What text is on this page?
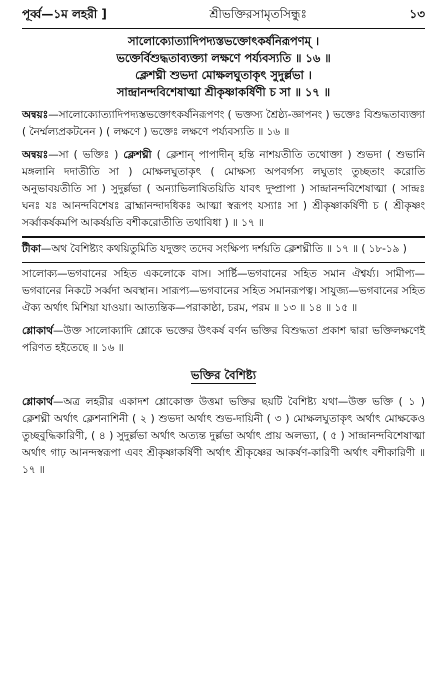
পূর্ব্ব—১ম লহরী ]	শ্রীভক্তিরসামৃতসিন্ধুঃ	১৩
সালোক্যোত্যাদিপদ্যস্তভক্তোৎকর্ষনিরূপণম্ ।
ভক্তের্বিশুদ্ধতাব্যক্ত্যা লক্ষণে পর্য্যবস্যতি ॥ ১৬ ॥
ক্লেশঘ্নী শুভদা মোক্ষলঘুতাকৃৎ সুদুর্ল্লভা ।
সান্দ্রানন্দবিশেষাত্মা শ্রীকৃষ্ণাকর্ষিণী চ সা ॥ ১৭ ॥

অন্বয়ঃ—সালোক্যোত্যাদিপদ্যস্তভক্তোৎকর্ষনিরূপণং ( ভক্তস্য শ্রৈষ্ঠ্য-জ্ঞাপনং ) ভক্তেঃ বিশুদ্ধতাব্যক্ত্যা ( নৈর্ম্মল্যপ্রকটনেন ) ( লক্ষণে ) ভক্তেঃ লক্ষণে পর্য্যবস্যতি ॥ ১৬ ॥

অন্বয়ঃ—সা ( ভক্তিঃ ) ক্লেশঘ্নী ( ক্লেশান্ পাপাদীন্ হন্তি নাশয়তীতি তথোক্তা ) শুভদা ( শুভানি মঙ্গলানি দদাতীতি সা ) মোক্ষলঘুতাকৃৎ ( মোক্ষস্য অপবর্গস্য লঘুতাং তুচ্ছতাং করোতি অনুভাবয়তীতি সা ) সুদুর্ল্লভা ( অন্যাভিলাষিতয়িতি যাবৎ দুষ্প্রাপা ) সান্দ্রানন্দবিশেষাত্মা ( সান্দ্রঃ ঘনঃ যঃ আনন্দবিশেষঃ ব্রাহ্মানন্দাদধিকঃ আত্মা স্বরূপং যস্যাঃ সা ) শ্রীকৃষ্ণাকর্ষিণী চ ( শ্রীকৃষ্ণং সর্ব্বাকর্ষকমপি আকর্ষয়তি বশীকরোতীতি তথাবিধা ) ॥ ১৭ ॥

টীকা—অথ বৈশিষ্ট্যং কথয়িতুমিতি যদুক্তং তদেব সংক্ষিপ্য দর্শয়তি ক্লেশঘ্নীতি ॥ ১৭ ॥ ( ১৮-১৯ )

সালোক্য—ভগবানের সহিত একলোকে বাস। সার্ষ্টি—ভগবানের সহিত সমান ঐশ্বর্য্য। সামীপ্য—ভগবানের নিকটে সর্ব্বদা অবস্থান। সারূপ্য—ভগবানের সহিত সমানরূপত্ব। সাযুজ্য—ভগবানের সহিত ঐক্য অর্থাৎ মিশিয়া যাওয়া। আত্যন্তিক—পরাকাষ্ঠা, চরম, পরম ॥ ১৩ ॥ ১৪ ॥ ১৫ ॥

শ্লোকার্থ—উক্ত সালোক্যাদি শ্লোকে ভক্তের উৎকর্ষ বর্ণন ভক্তির বিশুদ্ধতা প্রকাশ দ্বারা ভক্তিলক্ষণেই পরিণত হইতেছে ॥ ১৬ ॥

ভক্তির বৈশিষ্ট্য

শ্লোকার্থ—অত্র লহরীর একাদশ শ্লোকোক্ত উত্তমা ভক্তির ছয়টি বৈশিষ্ট্য যথা—উক্ত ভক্তি ( ১ ) ক্লেশঘ্নী অর্থাৎ ক্লেশনাশিনী ( ২ ) শুভদা অর্থাৎ শুভ-দায়িনী ( ৩ ) মোক্ষলঘুতাকৃৎ অর্থাৎ মোক্ষকেও তুচ্ছবুদ্ধিকারিণী, ( ৪ ) সুদুর্ল্লভা অর্থাৎ অত্যন্ত দুর্ল্লভা অর্থাৎ প্রায় অলভ্যা, ( ৫ ) সান্দ্রানন্দবিশেষাত্মা অর্থাৎ গাঢ় আনন্দস্বরূপা এবং শ্রীকৃষ্ণাকর্ষিণী অর্থাৎ শ্রীকৃষ্ণের আকর্ষণ-কারিণী অর্থাৎ বশীকারিণী ॥ ১৭ ॥
